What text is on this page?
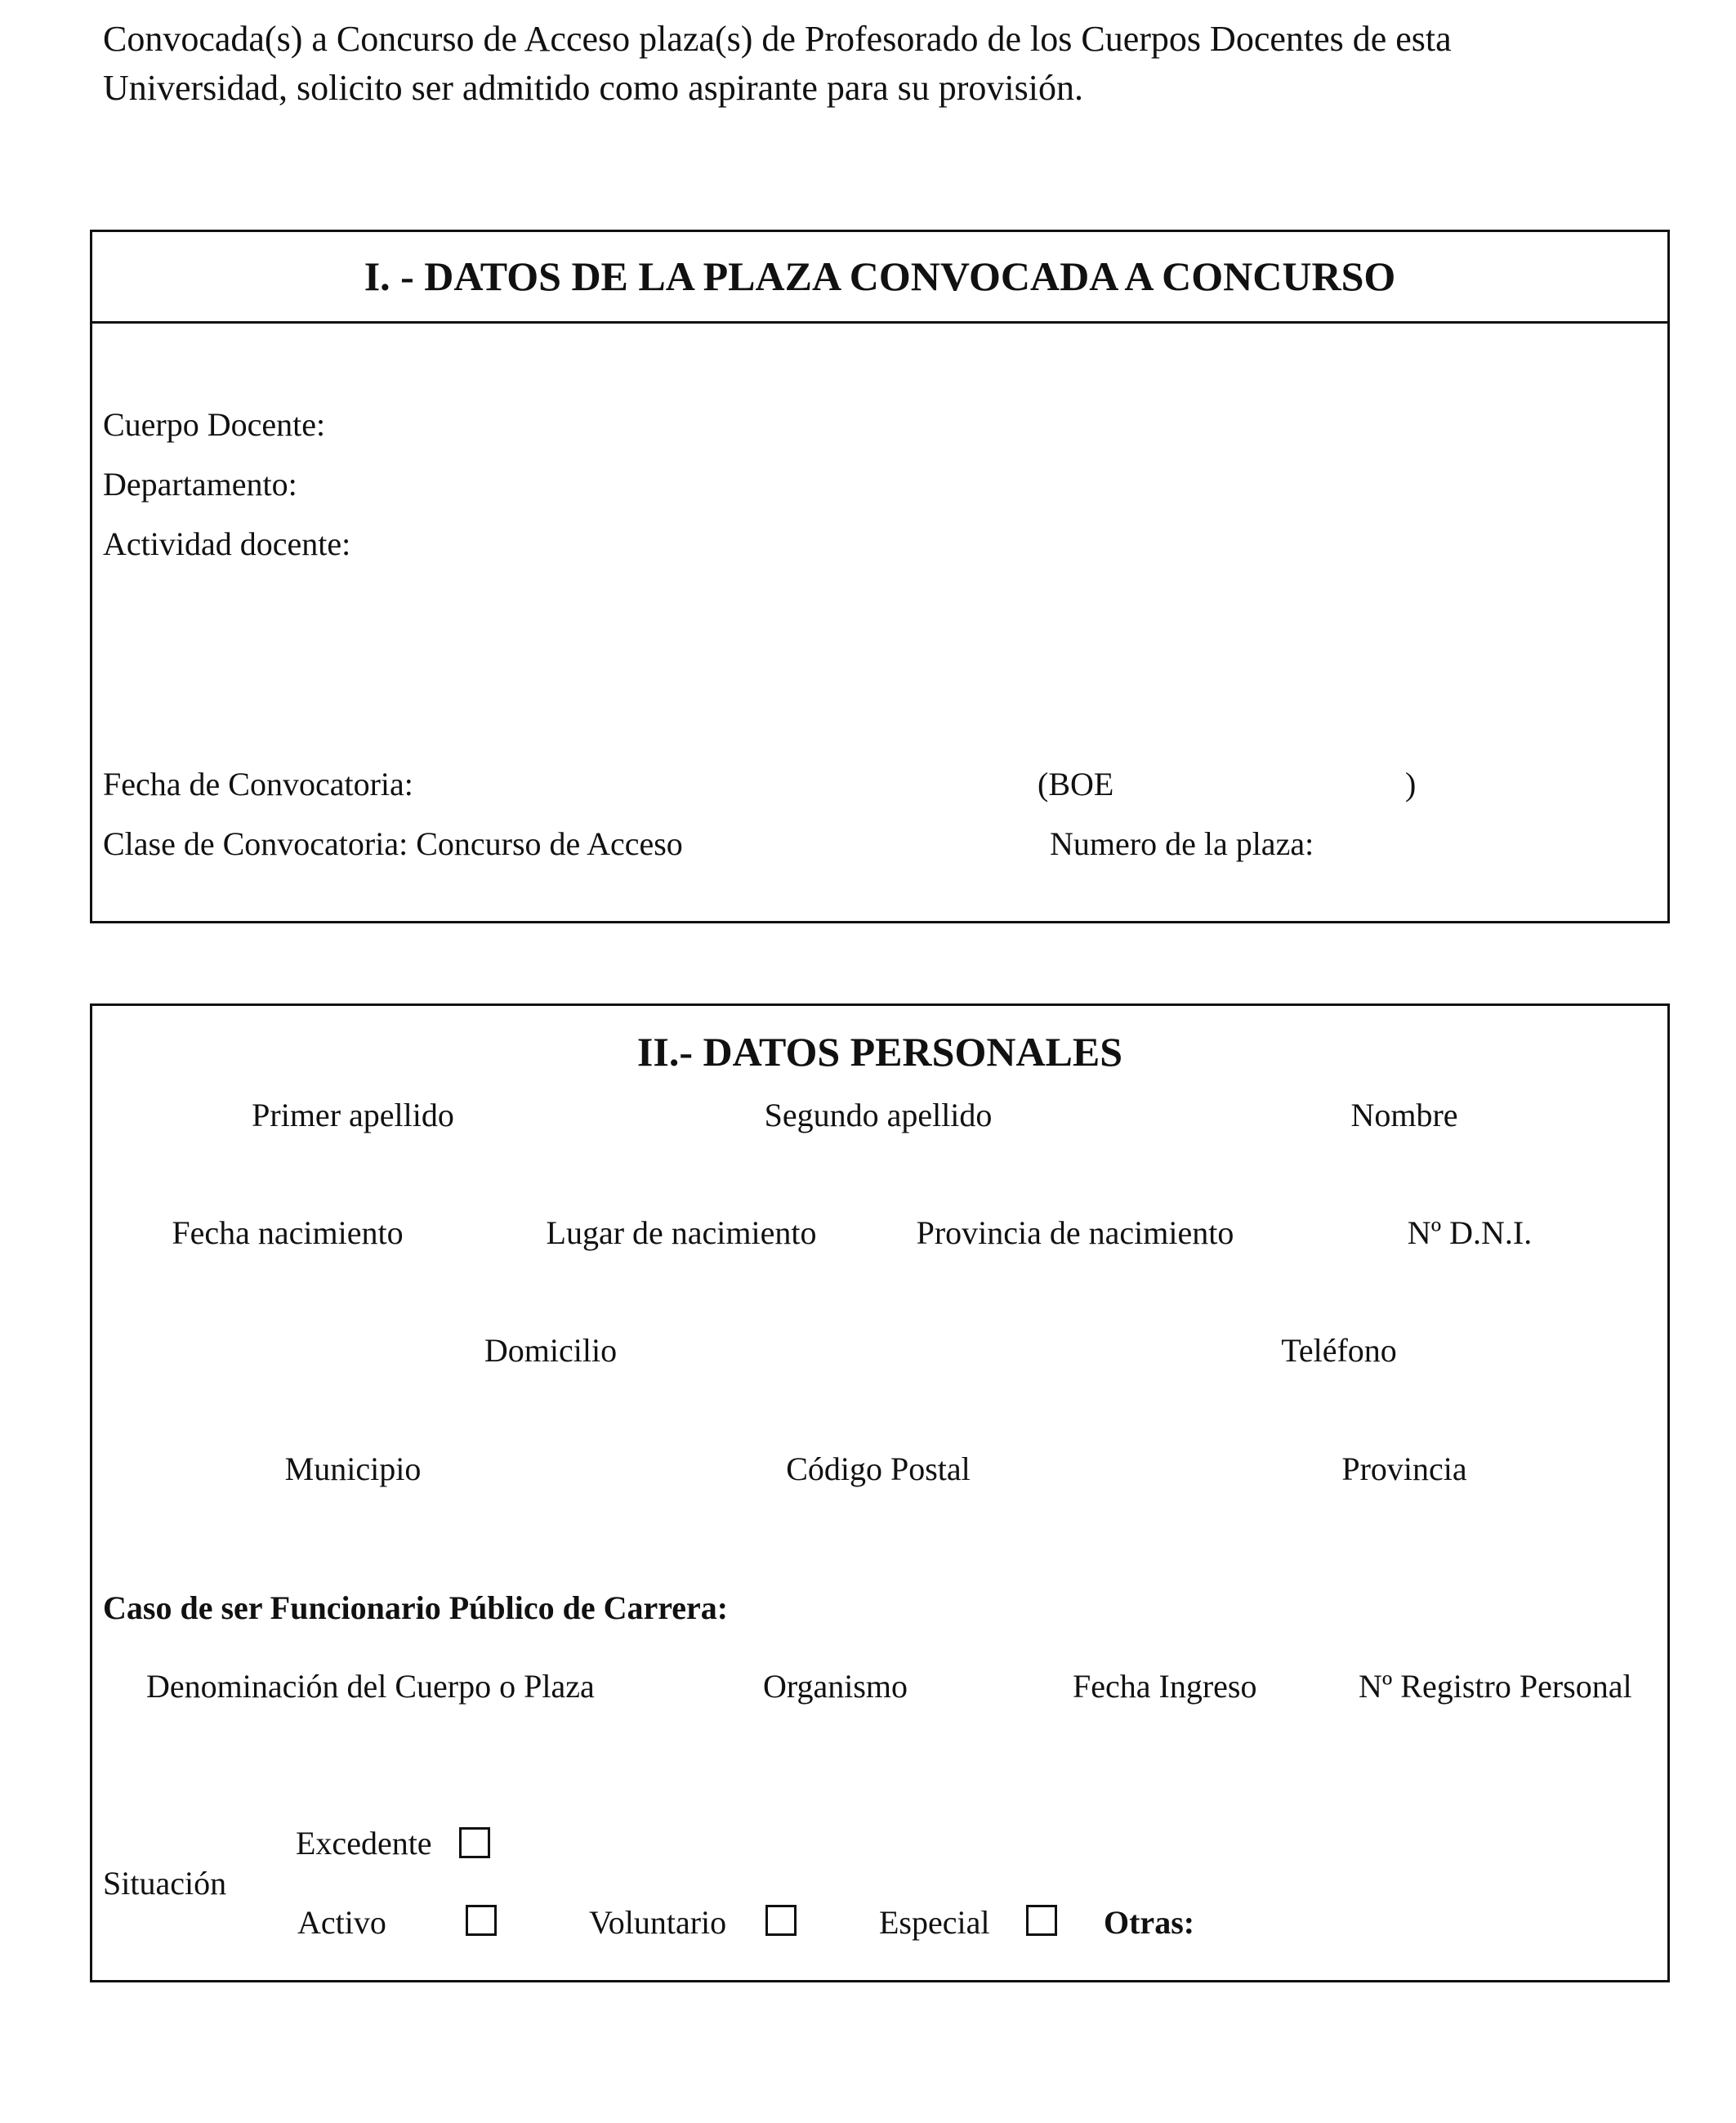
Convocada(s) a Concurso de Acceso plaza(s) de Profesorado de los Cuerpos Docentes de esta
Universidad, solicito ser admitido como aspirante para su provisión.
I. - DATOS DE LA PLAZA CONVOCADA A CONCURSO
Cuerpo Docente:
Departamento:
Actividad docente:
Fecha de Convocatoria:	(BOE	)
Clase de Convocatoria: Concurso de Acceso	Numero de la plaza:
II.- DATOS PERSONALES
Primer apellido	Segundo apellido	Nombre
Fecha nacimiento	Lugar de nacimiento	Provincia de nacimiento	Nº D.N.I.
Domicilio	Teléfono
Municipio	Código Postal	Provincia
Caso de ser Funcionario Público de Carrera:
Denominación del Cuerpo o Plaza	Organismo	Fecha Ingreso	Nº Registro Personal
Situación
Excedente
Activo	Voluntario	Especial	Otras:
